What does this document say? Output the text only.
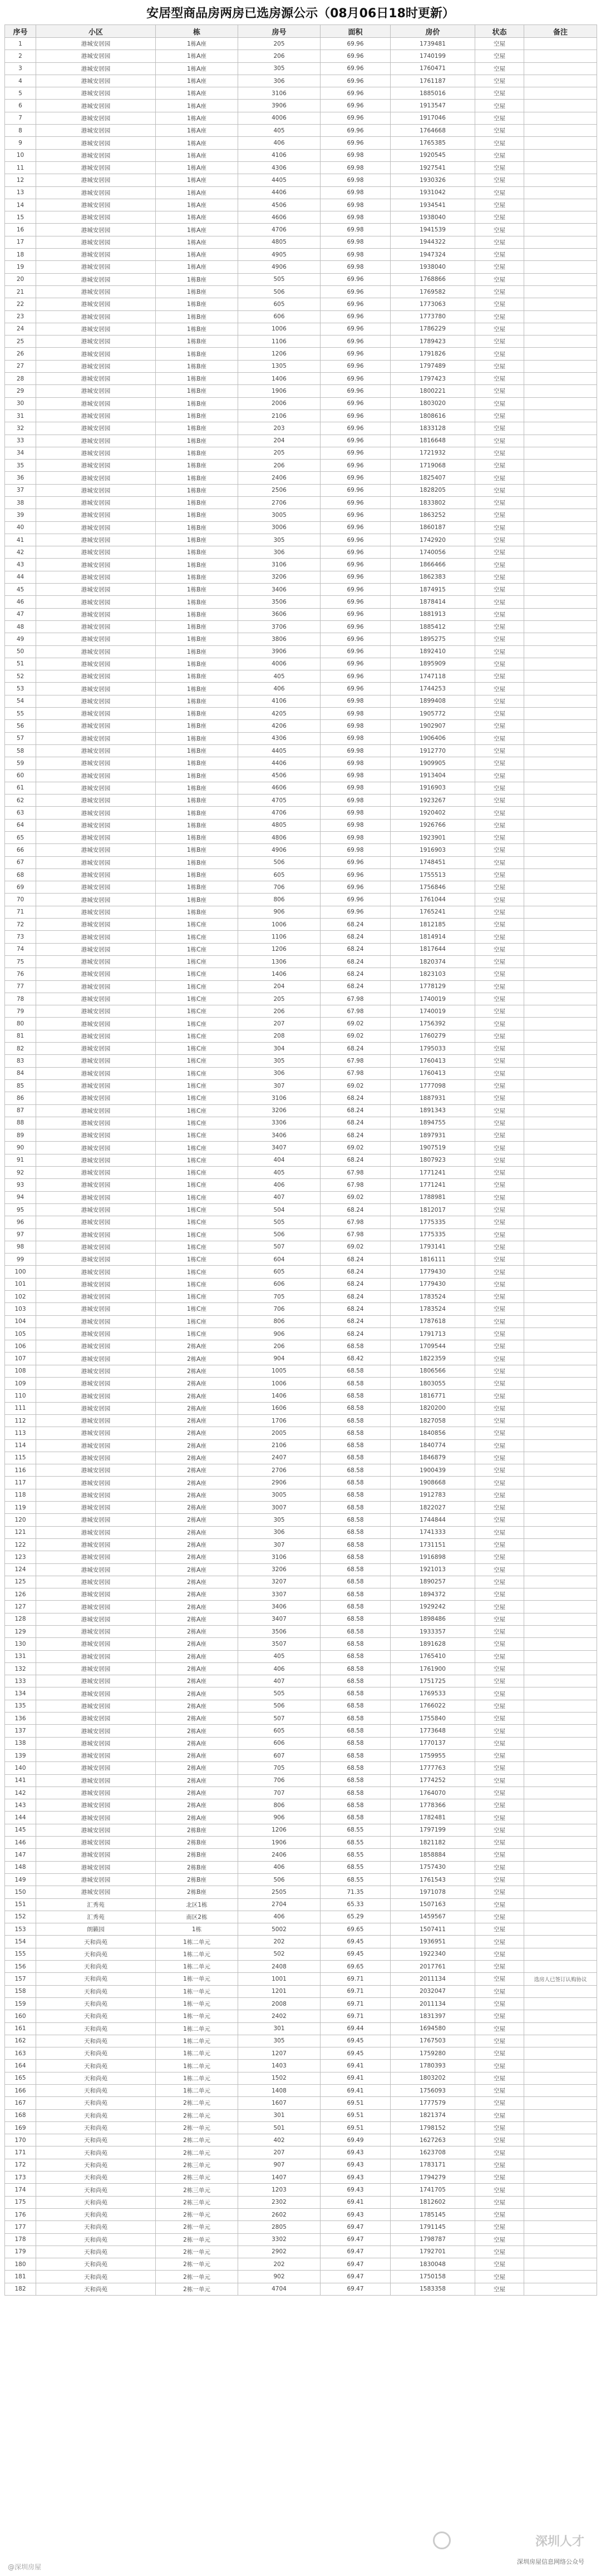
安居型商品房两房已选房源公示（08月06日18时更新）
序号	小区	栋	房号	面积	房价	状态	备注
1	港城安居园	1栋A座	205	69.96	1739481	空屋	
2	港城安居园	1栋A座	206	69.96	1740199	空屋	
3	港城安居园	1栋A座	305	69.96	1760471	空屋	
4	港城安居园	1栋A座	306	69.96	1761187	空屋	
5	港城安居园	1栋A座	3106	69.96	1885016	空屋	
6	港城安居园	1栋A座	3906	69.96	1913547	空屋	
7	港城安居园	1栋A座	4006	69.96	1917046	空屋	
8	港城安居园	1栋A座	405	69.96	1764668	空屋	
9	港城安居园	1栋A座	406	69.96	1765385	空屋	
10	港城安居园	1栋A座	4106	69.98	1920545	空屋	
11	港城安居园	1栋A座	4306	69.98	1927541	空屋	
12	港城安居园	1栋A座	4405	69.98	1930326	空屋	
13	港城安居园	1栋A座	4406	69.98	1931042	空屋	
14	港城安居园	1栋A座	4506	69.98	1934541	空屋	
15	港城安居园	1栋A座	4606	69.98	1938040	空屋	
16	港城安居园	1栋A座	4706	69.98	1941539	空屋	
17	港城安居园	1栋A座	4805	69.98	1944322	空屋	
18	港城安居园	1栋A座	4905	69.98	1947324	空屋	
19	港城安居园	1栋A座	4906	69.98	1938040	空屋	
20	港城安居园	1栋B座	505	69.96	1768866	空屋	
21	港城安居园	1栋B座	506	69.96	1769582	空屋	
22	港城安居园	1栋B座	605	69.96	1773063	空屋	
23	港城安居园	1栋B座	606	69.96	1773780	空屋	
24	港城安居园	1栋B座	1006	69.96	1786229	空屋	
25	港城安居园	1栋B座	1106	69.96	1789423	空屋	
26	港城安居园	1栋B座	1206	69.96	1791826	空屋	
27	港城安居园	1栋B座	1305	69.96	1797489	空屋	
28	港城安居园	1栋B座	1406	69.96	1797423	空屋	
29	港城安居园	1栋B座	1906	69.96	1800221	空屋	
30	港城安居园	1栋B座	2006	69.96	1803020	空屋	
31	港城安居园	1栋B座	2106	69.96	1808616	空屋	
32	港城安居园	1栋B座	203	69.96	1833128	空屋	
33	港城安居园	1栋B座	204	69.96	1816648	空屋	
34	港城安居园	1栋B座	205	69.96	1721932	空屋	
35	港城安居园	1栋B座	206	69.96	1719068	空屋	
36	港城安居园	1栋B座	2406	69.96	1825407	空屋	
37	港城安居园	1栋B座	2506	69.96	1828205	空屋	
38	港城安居园	1栋B座	2706	69.96	1833802	空屋	
39	港城安居园	1栋B座	3005	69.96	1863252	空屋	
40	港城安居园	1栋B座	3006	69.96	1860187	空屋	
41	港城安居园	1栋B座	305	69.96	1742920	空屋	
42	港城安居园	1栋B座	306	69.96	1740056	空屋	
43	港城安居园	1栋B座	3106	69.96	1866466	空屋	
44	港城安居园	1栋B座	3206	69.96	1862383	空屋	
45	港城安居园	1栋B座	3406	69.96	1874915	空屋	
46	港城安居园	1栋B座	3506	69.96	1878414	空屋	
47	港城安居园	1栋B座	3606	69.96	1881913	空屋	
48	港城安居园	1栋B座	3706	69.96	1885412	空屋	
49	港城安居园	1栋B座	3806	69.96	1895275	空屋	
50	港城安居园	1栋B座	3906	69.96	1892410	空屋	
51	港城安居园	1栋B座	4006	69.96	1895909	空屋	
52	港城安居园	1栋B座	405	69.96	1747118	空屋	
53	港城安居园	1栋B座	406	69.96	1744253	空屋	
54	港城安居园	1栋B座	4106	69.98	1899408	空屋	
55	港城安居园	1栋B座	4205	69.98	1905772	空屋	
56	港城安居园	1栋B座	4206	69.98	1902907	空屋	
57	港城安居园	1栋B座	4306	69.98	1906406	空屋	
58	港城安居园	1栋B座	4405	69.98	1912770	空屋	
59	港城安居园	1栋B座	4406	69.98	1909905	空屋	
60	港城安居园	1栋B座	4506	69.98	1913404	空屋	
61	港城安居园	1栋B座	4606	69.98	1916903	空屋	
62	港城安居园	1栋B座	4705	69.98	1923267	空屋	
63	港城安居园	1栋B座	4706	69.98	1920402	空屋	
64	港城安居园	1栋B座	4805	69.98	1926766	空屋	
65	港城安居园	1栋B座	4806	69.98	1923901	空屋	
66	港城安居园	1栋B座	4906	69.98	1916903	空屋	
67	港城安居园	1栋B座	506	69.96	1748451	空屋	
68	港城安居园	1栋B座	605	69.96	1755513	空屋	
69	港城安居园	1栋B座	706	69.96	1756846	空屋	
70	港城安居园	1栋B座	806	69.96	1761044	空屋	
71	港城安居园	1栋B座	906	69.96	1765241	空屋	
72	港城安居园	1栋C座	1006	68.24	1812185	空屋	
73	港城安居园	1栋C座	1106	68.24	1814914	空屋	
74	港城安居园	1栋C座	1206	68.24	1817644	空屋	
75	港城安居园	1栋C座	1306	68.24	1820374	空屋	
76	港城安居园	1栋C座	1406	68.24	1823103	空屋	
77	港城安居园	1栋C座	204	68.24	1778129	空屋	
78	港城安居园	1栋C座	205	67.98	1740019	空屋	
79	港城安居园	1栋C座	206	67.98	1740019	空屋	
80	港城安居园	1栋C座	207	69.02	1756392	空屋	
81	港城安居园	1栋C座	208	69.02	1760279	空屋	
82	港城安居园	1栋C座	304	68.24	1795033	空屋	
83	港城安居园	1栋C座	305	67.98	1760413	空屋	
84	港城安居园	1栋C座	306	67.98	1760413	空屋	
85	港城安居园	1栋C座	307	69.02	1777098	空屋	
86	港城安居园	1栋C座	3106	68.24	1887931	空屋	
87	港城安居园	1栋C座	3206	68.24	1891343	空屋	
88	港城安居园	1栋C座	3306	68.24	1894755	空屋	
89	港城安居园	1栋C座	3406	68.24	1897931	空屋	
90	港城安居园	1栋C座	3407	69.02	1907519	空屋	
91	港城安居园	1栋C座	404	68.24	1807923	空屋	
92	港城安居园	1栋C座	405	67.98	1771241	空屋	
93	港城安居园	1栋C座	406	67.98	1771241	空屋	
94	港城安居园	1栋C座	407	69.02	1788981	空屋	
95	港城安居园	1栋C座	504	68.24	1812017	空屋	
96	港城安居园	1栋C座	505	67.98	1775335	空屋	
97	港城安居园	1栋C座	506	67.98	1775335	空屋	
98	港城安居园	1栋C座	507	69.02	1793141	空屋	
99	港城安居园	1栋C座	604	68.24	1816111	空屋	
100	港城安居园	1栋C座	605	68.24	1779430	空屋	
101	港城安居园	1栋C座	606	68.24	1779430	空屋	
102	港城安居园	1栋C座	705	68.24	1783524	空屋	
103	港城安居园	1栋C座	706	68.24	1783524	空屋	
104	港城安居园	1栋C座	806	68.24	1787618	空屋	
105	港城安居园	1栋C座	906	68.24	1791713	空屋	
106	港城安居园	2栋A座	206	68.58	1709544	空屋	
107	港城安居园	2栋A座	904	68.42	1822359	空屋	
108	港城安居园	2栋A座	1005	68.58	1806566	空屋	
109	港城安居园	2栋A座	1006	68.58	1803055	空屋	
110	港城安居园	2栋A座	1406	68.58	1816771	空屋	
111	港城安居园	2栋A座	1606	68.58	1820200	空屋	
112	港城安居园	2栋A座	1706	68.58	1827058	空屋	
113	港城安居园	2栋A座	2005	68.58	1840856	空屋	
114	港城安居园	2栋A座	2106	68.58	1840774	空屋	
115	港城安居园	2栋A座	2407	68.58	1846879	空屋	
116	港城安居园	2栋A座	2706	68.58	1900439	空屋	
117	港城安居园	2栋A座	2906	68.58	1908668	空屋	
118	港城安居园	2栋A座	3005	68.58	1912783	空屋	
119	港城安居园	2栋A座	3007	68.58	1822027	空屋	
120	港城安居园	2栋A座	305	68.58	1744844	空屋	
121	港城安居园	2栋A座	306	68.58	1741333	空屋	
122	港城安居园	2栋A座	307	68.58	1731151	空屋	
123	港城安居园	2栋A座	3106	68.58	1916898	空屋	
124	港城安居园	2栋A座	3206	68.58	1921013	空屋	
125	港城安居园	2栋A座	3207	68.58	1890257	空屋	
126	港城安居园	2栋A座	3307	68.58	1894372	空屋	
127	港城安居园	2栋A座	3406	68.58	1929242	空屋	
128	港城安居园	2栋A座	3407	68.58	1898486	空屋	
129	港城安居园	2栋A座	3506	68.58	1933357	空屋	
130	港城安居园	2栋A座	3507	68.58	1891628	空屋	
131	港城安居园	2栋A座	405	68.58	1765410	空屋	
132	港城安居园	2栋A座	406	68.58	1761900	空屋	
133	港城安居园	2栋A座	407	68.58	1751725	空屋	
134	港城安居园	2栋A座	505	68.58	1769533	空屋	
135	港城安居园	2栋A座	506	68.58	1766022	空屋	
136	港城安居园	2栋A座	507	68.58	1755840	空屋	
137	港城安居园	2栋A座	605	68.58	1773648	空屋	
138	港城安居园	2栋A座	606	68.58	1770137	空屋	
139	港城安居园	2栋A座	607	68.58	1759955	空屋	
140	港城安居园	2栋A座	705	68.58	1777763	空屋	
141	港城安居园	2栋A座	706	68.58	1774252	空屋	
142	港城安居园	2栋A座	707	68.58	1764070	空屋	
143	港城安居园	2栋A座	806	68.58	1778366	空屋	
144	港城安居园	2栋A座	906	68.58	1782481	空屋	
145	港城安居园	2栋B座	1206	68.55	1797199	空屋	
146	港城安居园	2栋B座	1906	68.55	1821182	空屋	
147	港城安居园	2栋B座	2406	68.55	1858884	空屋	
148	港城安居园	2栋B座	406	68.55	1757430	空屋	
149	港城安居园	2栋B座	506	68.55	1761543	空屋	
150	港城安居园	2栋B座	2505	71.35	1971078	空屋	
151	汇秀苑	北区1栋	2704	65.33	1507163	空屋	
152	汇秀苑	南区2栋	406	65.29	1459567	空屋	
153	朗籁园	1栋	5002	69.65	1507411	空屋	
154	天和尚苑	1栋二单元	202	69.45	1936951	空屋	
155	天和尚苑	1栋二单元	502	69.45	1922340	空屋	
156	天和尚苑	1栋二单元	2408	69.65	2017761	空屋	
157	天和尚苑	1栋一单元	1001	69.71	2011134	空屋	选房人已签订认购协议
158	天和尚苑	1栋一单元	1201	69.71	2032047	空屋	
159	天和尚苑	1栋一单元	2008	69.71	2011134	空屋	
160	天和尚苑	1栋一单元	2402	69.71	1831397	空屋	
161	天和尚苑	1栋二单元	301	69.44	1694580	空屋	
162	天和尚苑	1栋二单元	305	69.45	1767503	空屋	
163	天和尚苑	1栋二单元	1207	69.45	1759280	空屋	
164	天和尚苑	1栋二单元	1403	69.41	1780393	空屋	
165	天和尚苑	1栋二单元	1502	69.41	1803202	空屋	
166	天和尚苑	1栋二单元	1408	69.41	1756093	空屋	
167	天和尚苑	2栋二单元	1607	69.51	1777579	空屋	
168	天和尚苑	2栋二单元	301	69.51	1821374	空屋	
169	天和尚苑	2栋一单元	501	69.51	1798152	空屋	
170	天和尚苑	2栋二单元	402	69.49	1627263	空屋	
171	天和尚苑	2栋二单元	207	69.43	1623708	空屋	
172	天和尚苑	2栋三单元	907	69.43	1783171	空屋	
173	天和尚苑	2栋三单元	1407	69.43	1794279	空屋	
174	天和尚苑	2栋三单元	1203	69.43	1741705	空屋	
175	天和尚苑	2栋三单元	2302	69.41	1812602	空屋	
176	天和尚苑	2栋一单元	2602	69.43	1785145	空屋	
177	天和尚苑	2栋一单元	2805	69.47	1791145	空屋	
178	天和尚苑	2栋一单元	3302	69.47	1798787	空屋	
179	天和尚苑	2栋一单元	2902	69.47	1792701	空屋	
180	天和尚苑	2栋一单元	202	69.47	1830048	空屋	
181	天和尚苑	2栋一单元	902	69.47	1750158	空屋	
182	天和尚苑	2栋一单元	4704	69.47	1583358	空屋	
深圳人才
深圳房屋信息网络公众号
@深圳房屋
